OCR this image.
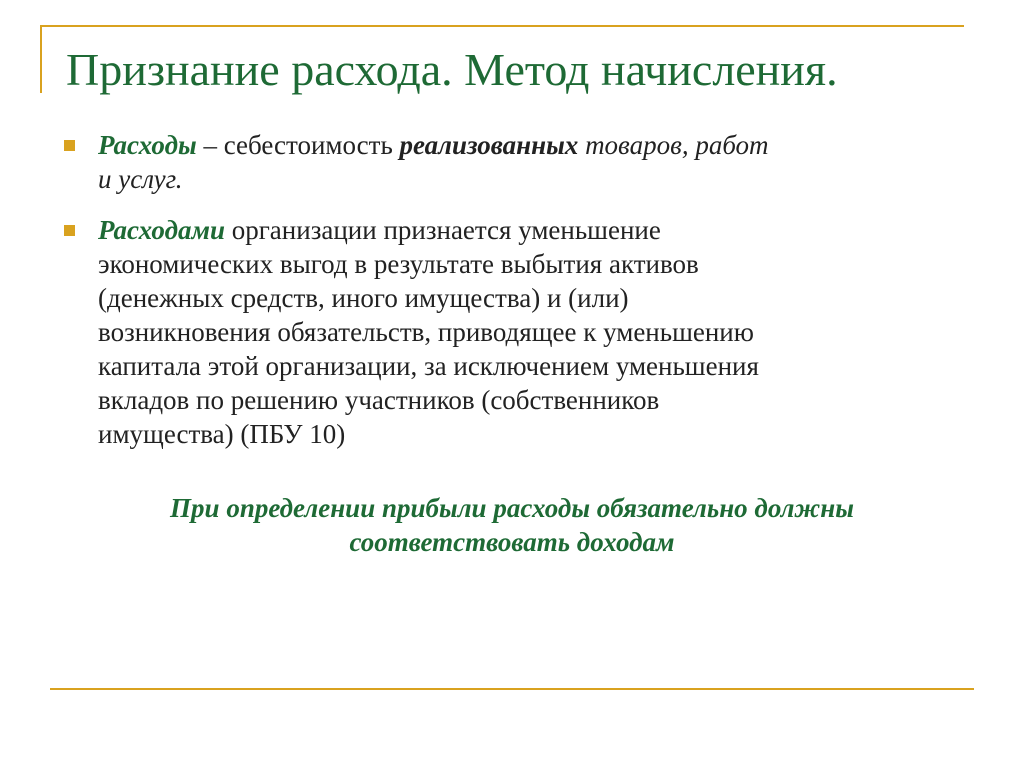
Признание расхода. Метод начисления.
Расходы – себестоимость реализованных товаров, работ
и услуг.
Расходами организации признается уменьшение
экономических выгод в результате выбытия активов
(денежных средств, иного имущества) и (или)
возникновения обязательств, приводящее к уменьшению
капитала этой организации, за исключением уменьшения
вкладов по решению участников (собственников
имущества) (ПБУ 10)
При определении прибыли расходы обязательно должны
соответствовать доходам
